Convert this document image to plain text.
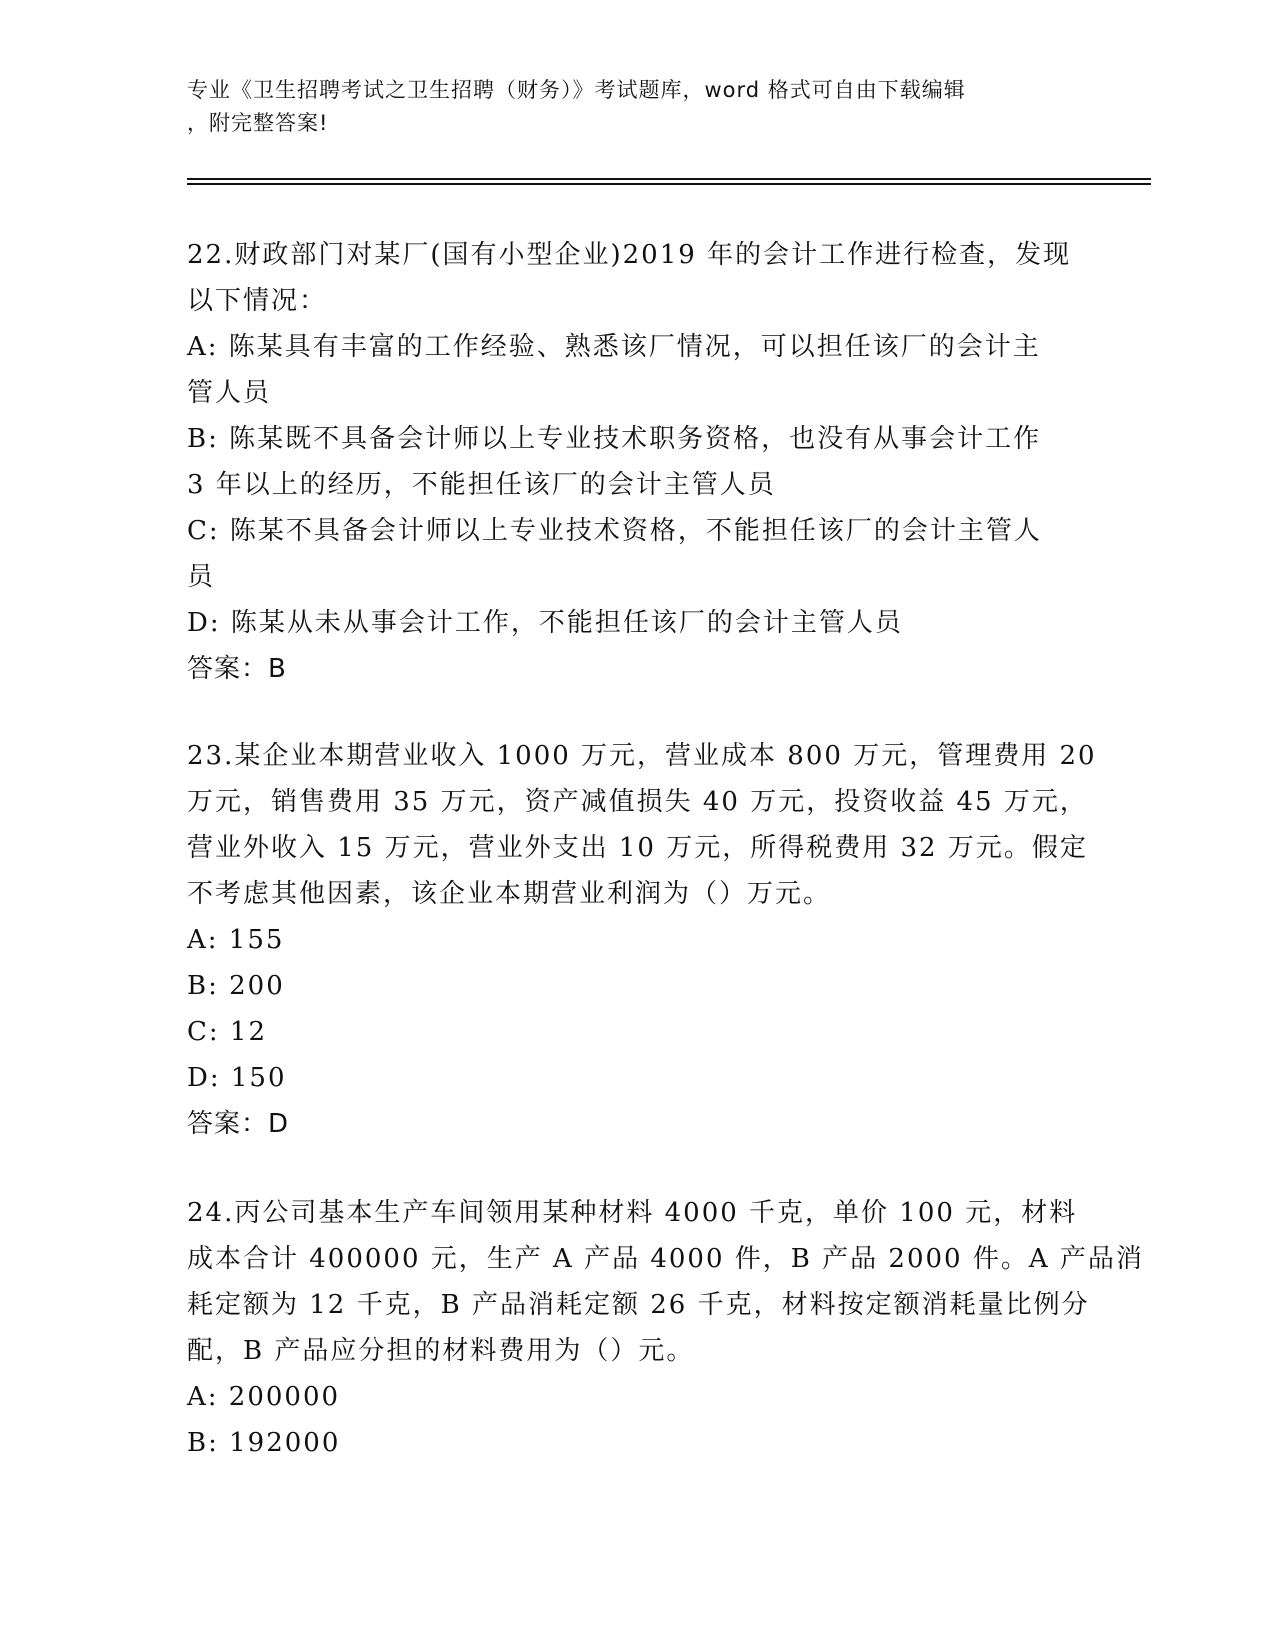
专业《卫生招聘考试之卫生招聘（财务）》考试题库，word 格式可自由下载编辑
，附完整答案!
22.财政部门对某厂(国有小型企业)2019 年的会计工作进行检查，发现
以下情况：
A: 陈某具有丰富的工作经验、熟悉该厂情况，可以担任该厂的会计主
管人员
B: 陈某既不具备会计师以上专业技术职务资格，也没有从事会计工作
3 年以上的经历，不能担任该厂的会计主管人员
C: 陈某不具备会计师以上专业技术资格，不能担任该厂的会计主管人
员
D: 陈某从未从事会计工作，不能担任该厂的会计主管人员
答案：B
23.某企业本期营业收入 1000 万元，营业成本 800 万元，管理费用 20
万元，销售费用 35 万元，资产减值损失 40 万元，投资收益 45 万元，
营业外收入 15 万元，营业外支出 10 万元，所得税费用 32 万元。假定
不考虑其他因素，该企业本期营业利润为（）万元。
A: 155
B: 200
C: 12
D: 150
答案：D
24.丙公司基本生产车间领用某种材料 4000 千克，单价 100 元，材料
成本合计 400000 元，生产 A 产品 4000 件，B 产品 2000 件。A 产品消
耗定额为 12 千克，B 产品消耗定额 26 千克，材料按定额消耗量比例分
配，B 产品应分担的材料费用为（）元。
A: 200000
B: 192000
